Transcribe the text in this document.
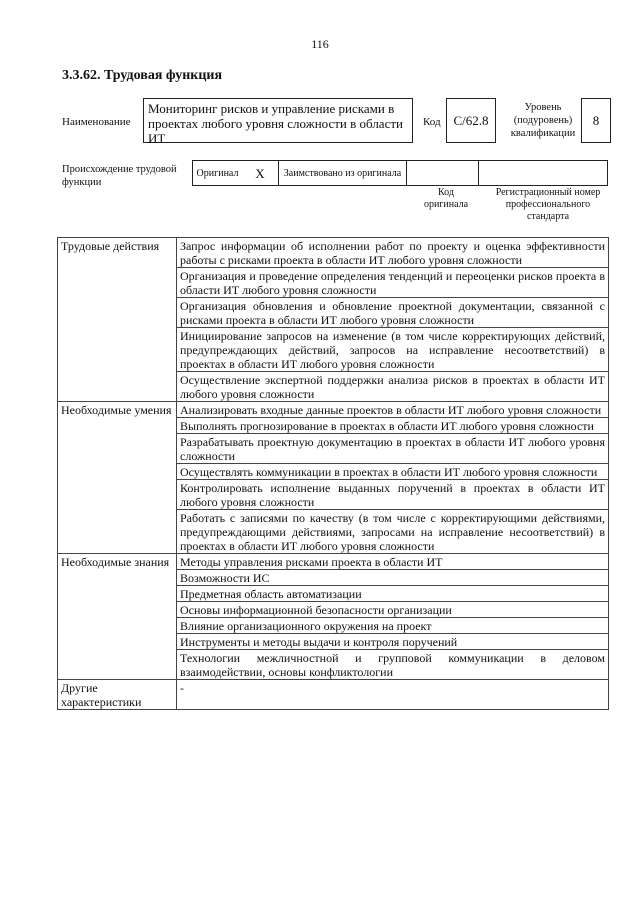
116
3.3.62. Трудовая функция
Наименование
Мониторинг рисков и управление рисками в проектах любого уровня сложности в области ИТ
Код C/62.8
Уровень (подуровень) квалификации
8
Происхождение трудовой функции
Оригинал	X	Заимствовано из оригинала
Код оригинала
Регистрационный номер профессионального стандарта
Трудовые действия	Запрос информации об исполнении работ по проекту и оценка эффективности работы с рисками проекта в области ИТ любого уровня сложности
	Организация и проведение определения тенденций и переоценки рисков проекта в области ИТ любого уровня сложности
	Организация обновления и обновление проектной документации, связанной с рисками проекта в области ИТ любого уровня сложности
	Инициирование запросов на изменение (в том числе корректирующих действий, предупреждающих действий, запросов на исправление несоответствий) в проектах в области ИТ любого уровня сложности
	Осуществление экспертной поддержки анализа рисков в проектах в области ИТ любого уровня сложности
Необходимые умения	Анализировать входные данные проектов в области ИТ любого уровня сложности
	Выполнять прогнозирование в проектах в области ИТ любого уровня сложности
	Разрабатывать проектную документацию в проектах в области ИТ любого уровня сложности
	Осуществлять коммуникации в проектах в области ИТ любого уровня сложности
	Контролировать исполнение выданных поручений в проектах в области ИТ любого уровня сложности
	Работать с записями по качеству (в том числе с корректирующими действиями, предупреждающими действиями, запросами на исправление несоответствий) в проектах в области ИТ любого уровня сложности
Необходимые знания	Методы управления рисками проекта в области ИТ
	Возможности ИС
	Предметная область автоматизации
	Основы информационной безопасности организации
	Влияние организационного окружения на проект
	Инструменты и методы выдачи и контроля поручений
	Технологии межличностной и групповой коммуникации в деловом взаимодействии, основы конфликтологии
Другие характеристики	-
